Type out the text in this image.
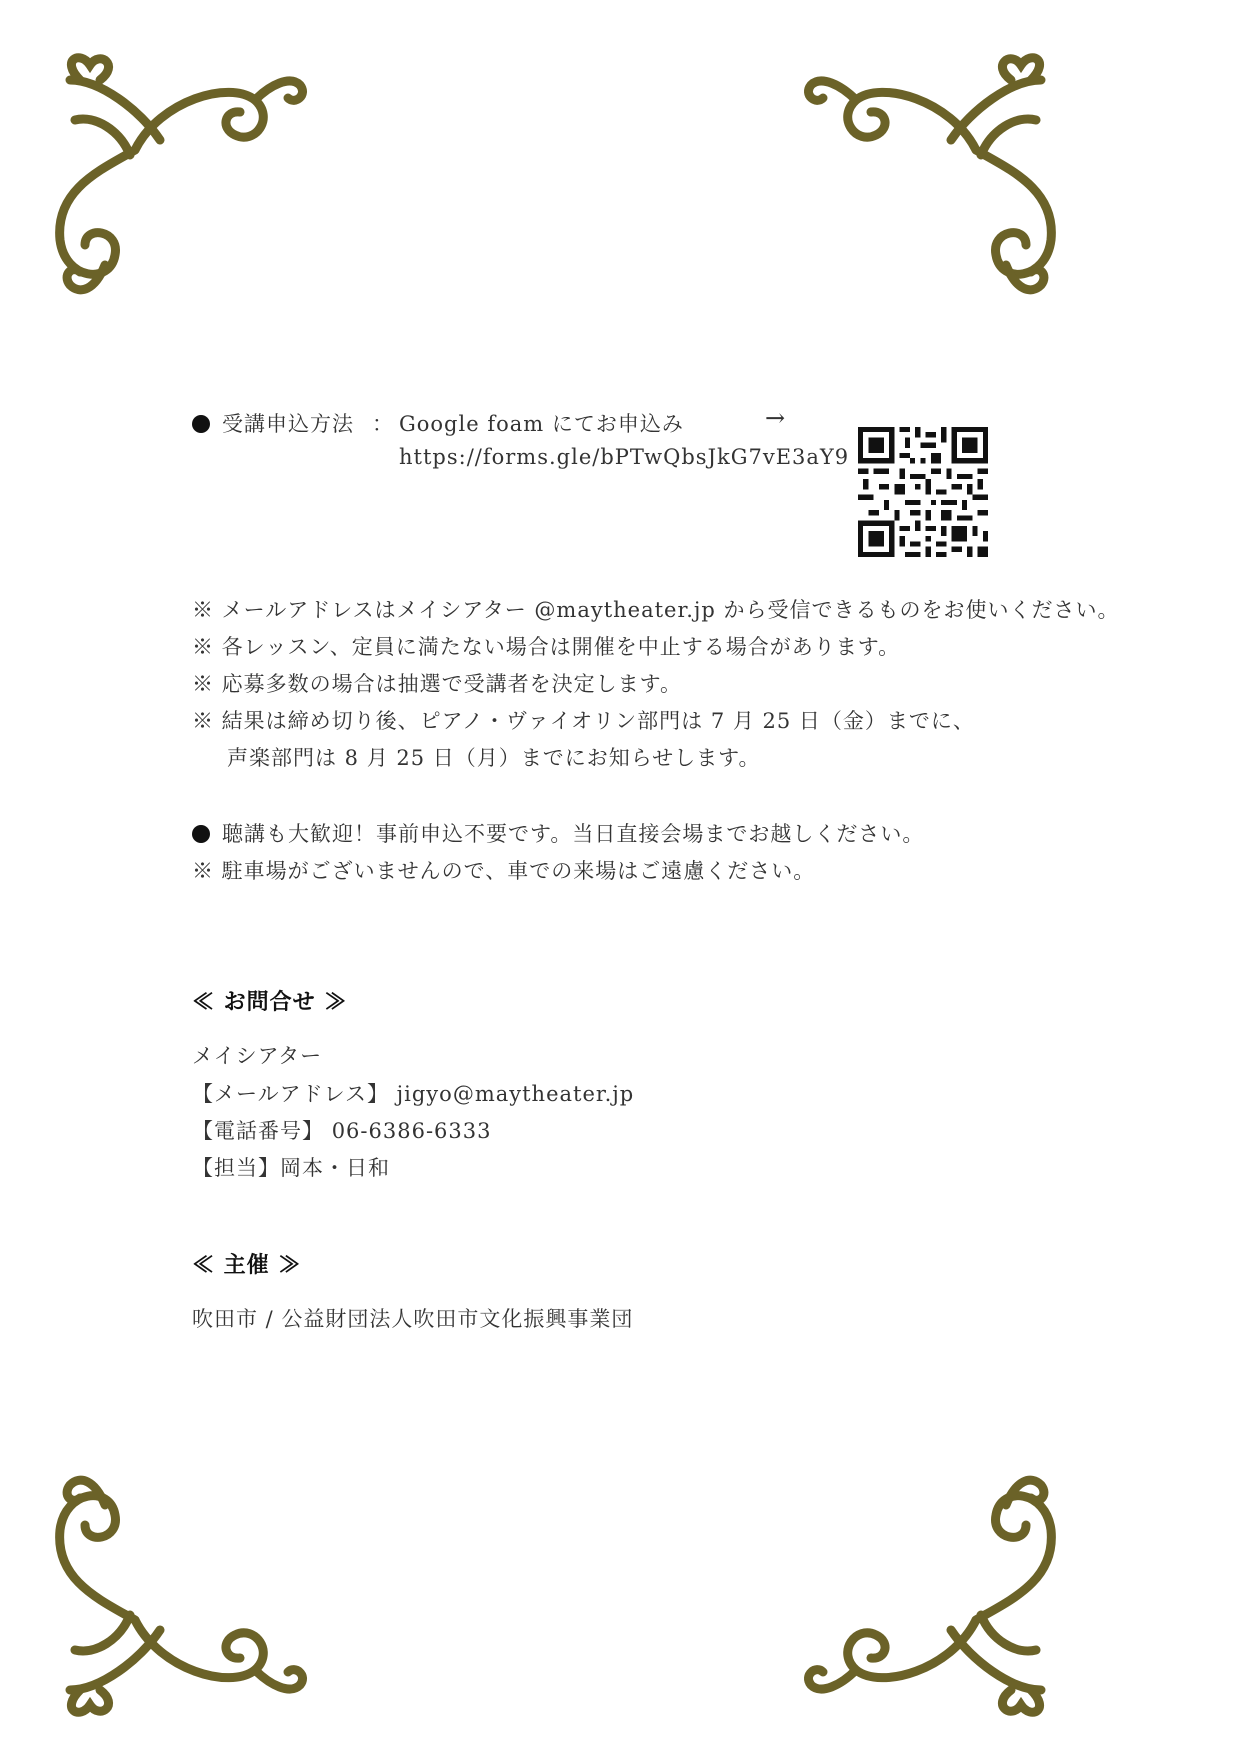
受講申込方法 ： Google foam にてお申込み	→
https://forms.gle/bPTwQbsJkG7vE3aY9
※ メールアドレスはメイシアター @maytheater.jp から受信できるものをお使いください。
※ 各レッスン、定員に満たない場合は開催を中止する場合があります。
※ 応募多数の場合は抽選で受講者を決定します。
※ 結果は締め切り後、ピアノ・ヴァイオリン部門は 7 月 25 日（金）までに、
声楽部門は 8 月 25 日（月）までにお知らせします。
聴講も大歓迎！事前申込不要です。当日直接会場までお越しください。
※ 駐車場がございませんので、車での来場はご遠慮ください。
≪ お問合せ ≫
メイシアター
【メールアドレス】 jigyo@maytheater.jp
【電話番号】 06-6386-6333
【担当】岡本・日和
≪ 主催 ≫
吹田市 / 公益財団法人吹田市文化振興事業団
